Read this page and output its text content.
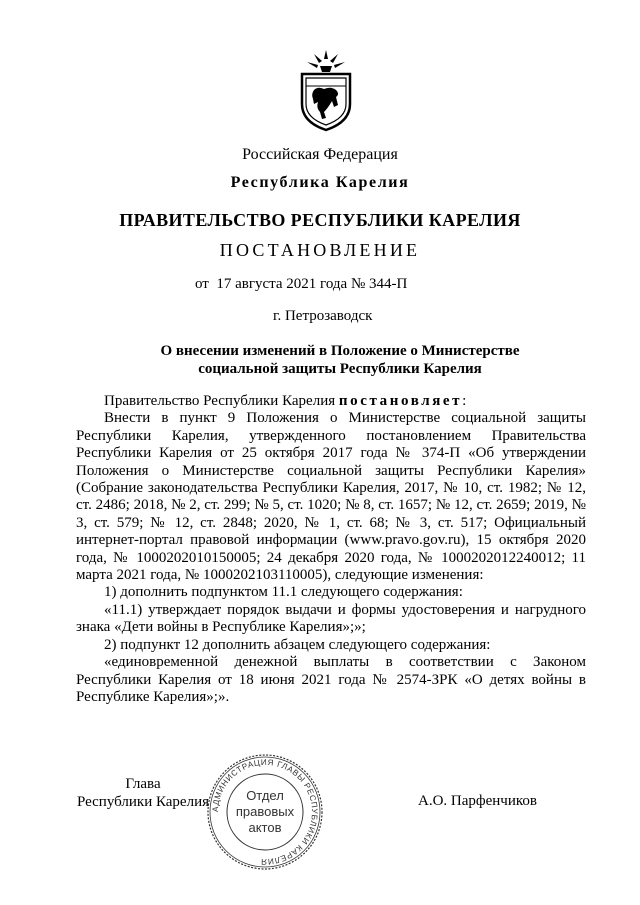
Российская Федерация
Республика Карелия
ПРАВИТЕЛЬСТВО РЕСПУБЛИКИ КАРЕЛИЯ
ПОСТАНОВЛЕНИЕ
от  17 августа 2021 года № 344-П
г. Петрозаводск
О внесении изменений в Положение о Министерстве
социальной защиты Республики Карелия

Правительство Республики Карелия постановляет:

Внести в пункт 9 Положения о Министерстве социальной защиты Республики Карелия, утвержденного постановлением Правительства Республики Карелия от 25 октября 2017 года № 374-П «Об утверждении Положения о Министерстве социальной защиты Республики Карелия» (Собрание законодательства Республики Карелия, 2017, № 10, ст. 1982; № 12, ст. 2486; 2018, № 2, ст. 299; № 5, ст. 1020; № 8, ст. 1657; № 12, ст. 2659; 2019, № 3, ст. 579; № 12, ст. 2848; 2020, № 1, ст. 68; № 3, ст. 517; Официальный интернет-портал правовой информации (www.pravo.gov.ru), 15 октября 2020 года, № 1000202010150005; 24 декабря 2020 года, № 1000202012240012; 11 марта 2021 года, № 1000202103110005), следующие изменения:

1) дополнить подпунктом 11.1 следующего содержания:

«11.1) утверждает порядок выдачи и формы удостоверения и нагрудного знака «Дети войны в Республике Карелия»;»;

2) подпункт 12 дополнить абзацем следующего содержания:

«единовременной денежной выплаты в соответствии с Законом Республики Карелия от 18 июня 2021 года № 2574-ЗРК «О детях войны в Республике Карелия»;».

Глава
Республики Карелия	А.О. Парфенчиков
АДМИНИСТРАЦИЯ ГЛАВЫ РЕСПУБЛИКИ КАРЕЛИЯ
Отдел
правовых
актов
